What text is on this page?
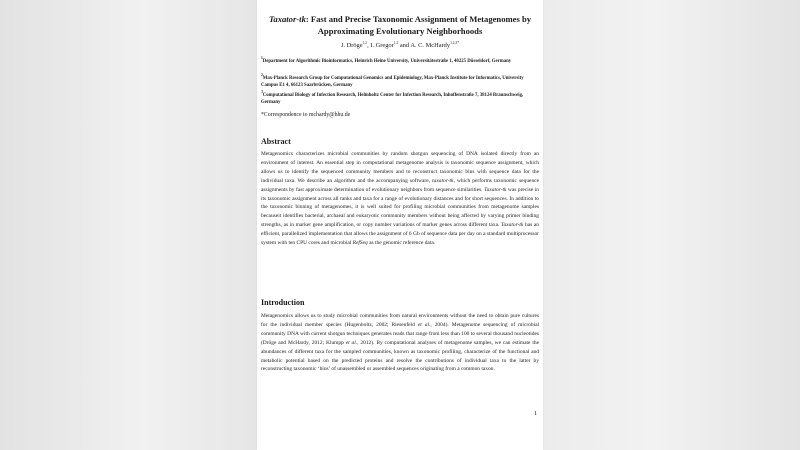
Taxator-tk: Fast and Precise Taxonomic Assignment of Metagenomes by
Approximating Evolutionary Neighborhoods
J. Dröge$^{1,2}$, I. Gregor$^{1,2}$ and A. C. McHardy$^{1,2,3*}$
$^1$Department for Algorithmic Bioinformatics, Heinrich Heine University, Universitätsstraße 1, 40225 Düsseldorf, Germany
$^2$Max-Planck Research Group for Computational Genomics and Epidemiology, Max-Planck Institute for Informatics, University Campus E1 4, 66123 Saarbrücken, Germany
$^3$Computational Biology of Infection Research, Helmholtz Center for Infection Research, Inhoffenstraße 7, 38124 Braunschweig, Germany
*Correspondence to mchardy@hhu.de
Abstract
Metagenomics characterizes microbial communities by random shotgun sequencing of DNA isolated directly from an environment of interest. An essential step in computational metagenome analysis is taxonomic sequence assignment, which allows us to identify the sequenced community members and to reconstruct taxonomic bins with sequence data for the individual taxa. We describe an algorithm and the accompanying software, taxator-tk, which performs taxonomic sequence assignments by fast approximate determination of evolutionary neighbors from sequence similarities. Taxator-tk was precise in its taxonomic assignment across all ranks and taxa for a range of evolutionary distances and for short sequences. In addition to the taxonomic binning of metagenomes, it is well suited for profiling microbial communities from metagenome samples becauseit identifies bacterial, archaeal and eukaryotic community members without being affected by varying primer binding strengths, as in marker gene amplification, or copy number variations of marker genes across different taxa. Taxator-tk has an efficient, parallelized implementation that allows the assignment of 6 Gb of sequence data per day on a standard multiprocessor system with ten CPU cores and microbial RefSeq as the genomic reference data.
Introduction
Metagenomics allows us to study microbial communities from natural environments without the need to obtain pure cultures for the individual member species (Hugenholtz, 2002; Riesenfeld et al., 2004). Metagenome sequencing of microbial community DNA with current shotgun techniques generates reads that range from less than 100 to several thousand nucleotides (Dröge and McHardy, 2012; Klumpp et al., 2012). By computational analyses of metagenome samples, we can estimate the abundances of different taxa for the sampled communities, known as taxonomic profiling, characterize of the functional and metabolic potential based on the predicted proteins and resolve the contributions of individual taxa to the latter by reconstructing taxonomic ‘bins’ of unassembled or assembled sequences originating from a common taxon.
1
